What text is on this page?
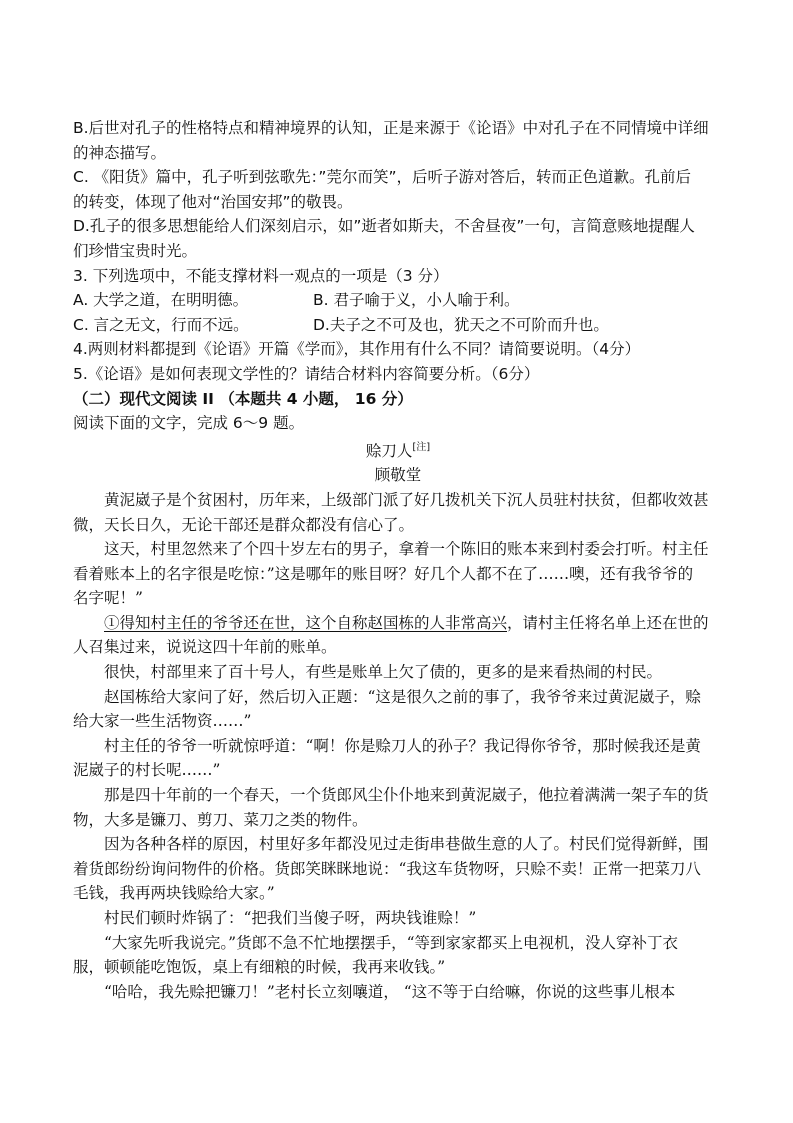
B.后世对孔子的性格特点和精神境界的认知，正是来源于《论语》中对孔子在不同情境中详细
的神态描写。
C. 《阳货》篇中，孔子听到弦歌先：”莞尔而笑”，后听子游对答后，转而正色道歉。孔前后
的转变，体现了他对“治国安邦”的敬畏。
D.孔子的很多思想能给人们深刻启示，如”逝者如斯夫，不舍昼夜”一句，言简意赅地提醒人
们珍惜宝贵时光。
3. 下列选项中，不能支撑材料一观点的一项是（3 分）
A. 大学之道，在明明德。	B. 君子喻于义，小人喻于利。
C. 言之无文，行而不远。	D.夫子之不可及也，犹天之不可阶而升也。
4.两则材料都提到《论语》开篇《学而》，其作用有什么不同？请简要说明。（4分）
5.《论语》是如何表现文学性的？请结合材料内容简要分析。（6分）
（二）现代文阅读 II （本题共 4 小题， 16 分）
阅读下面的文字，完成 6～9 题。
赊刀人[注]
顾敬堂
黄泥崴子是个贫困村，历年来，上级部门派了好几拨机关下沉人员驻村扶贫，但都收效甚
微，天长日久，无论干部还是群众都没有信心了。
这天，村里忽然来了个四十岁左右的男子，拿着一个陈旧的账本来到村委会打听。村主任
看着账本上的名字很是吃惊：”这是哪年的账目呀？好几个人都不在了……噢，还有我爷爷的
名字呢！”
①得知村主任的爷爷还在世，这个自称赵国栋的人非常高兴，请村主任将名单上还在世的
人召集过来，说说这四十年前的账单。
很快，村部里来了百十号人，有些是账单上欠了债的，更多的是来看热闹的村民。
赵国栋给大家问了好，然后切入正题：“这是很久之前的事了，我爷爷来过黄泥崴子，赊
给大家一些生活物资……”
村主任的爷爷一听就惊呼道：“啊！你是赊刀人的孙子？我记得你爷爷，那时候我还是黄
泥崴子的村长呢……”
那是四十年前的一个春天，一个货郎风尘仆仆地来到黄泥崴子，他拉着满满一架子车的货
物，大多是镰刀、剪刀、菜刀之类的物件。
因为各种各样的原因，村里好多年都没见过走街串巷做生意的人了。村民们觉得新鲜，围
着货郎纷纷询问物件的价格。货郎笑眯眯地说：“我这车货物呀，只赊不卖！正常一把菜刀八
毛钱，我再两块钱赊给大家。”
村民们顿时炸锅了：“把我们当傻子呀，两块钱谁赊！”
“大家先听我说完。”货郎不急不忙地摆摆手，“等到家家都买上电视机，没人穿补丁衣
服，顿顿能吃饱饭，桌上有细粮的时候，我再来收钱。”
“哈哈，我先赊把镰刀！”老村长立刻嚷道， “这不等于白给嘛，你说的这些事儿根本
